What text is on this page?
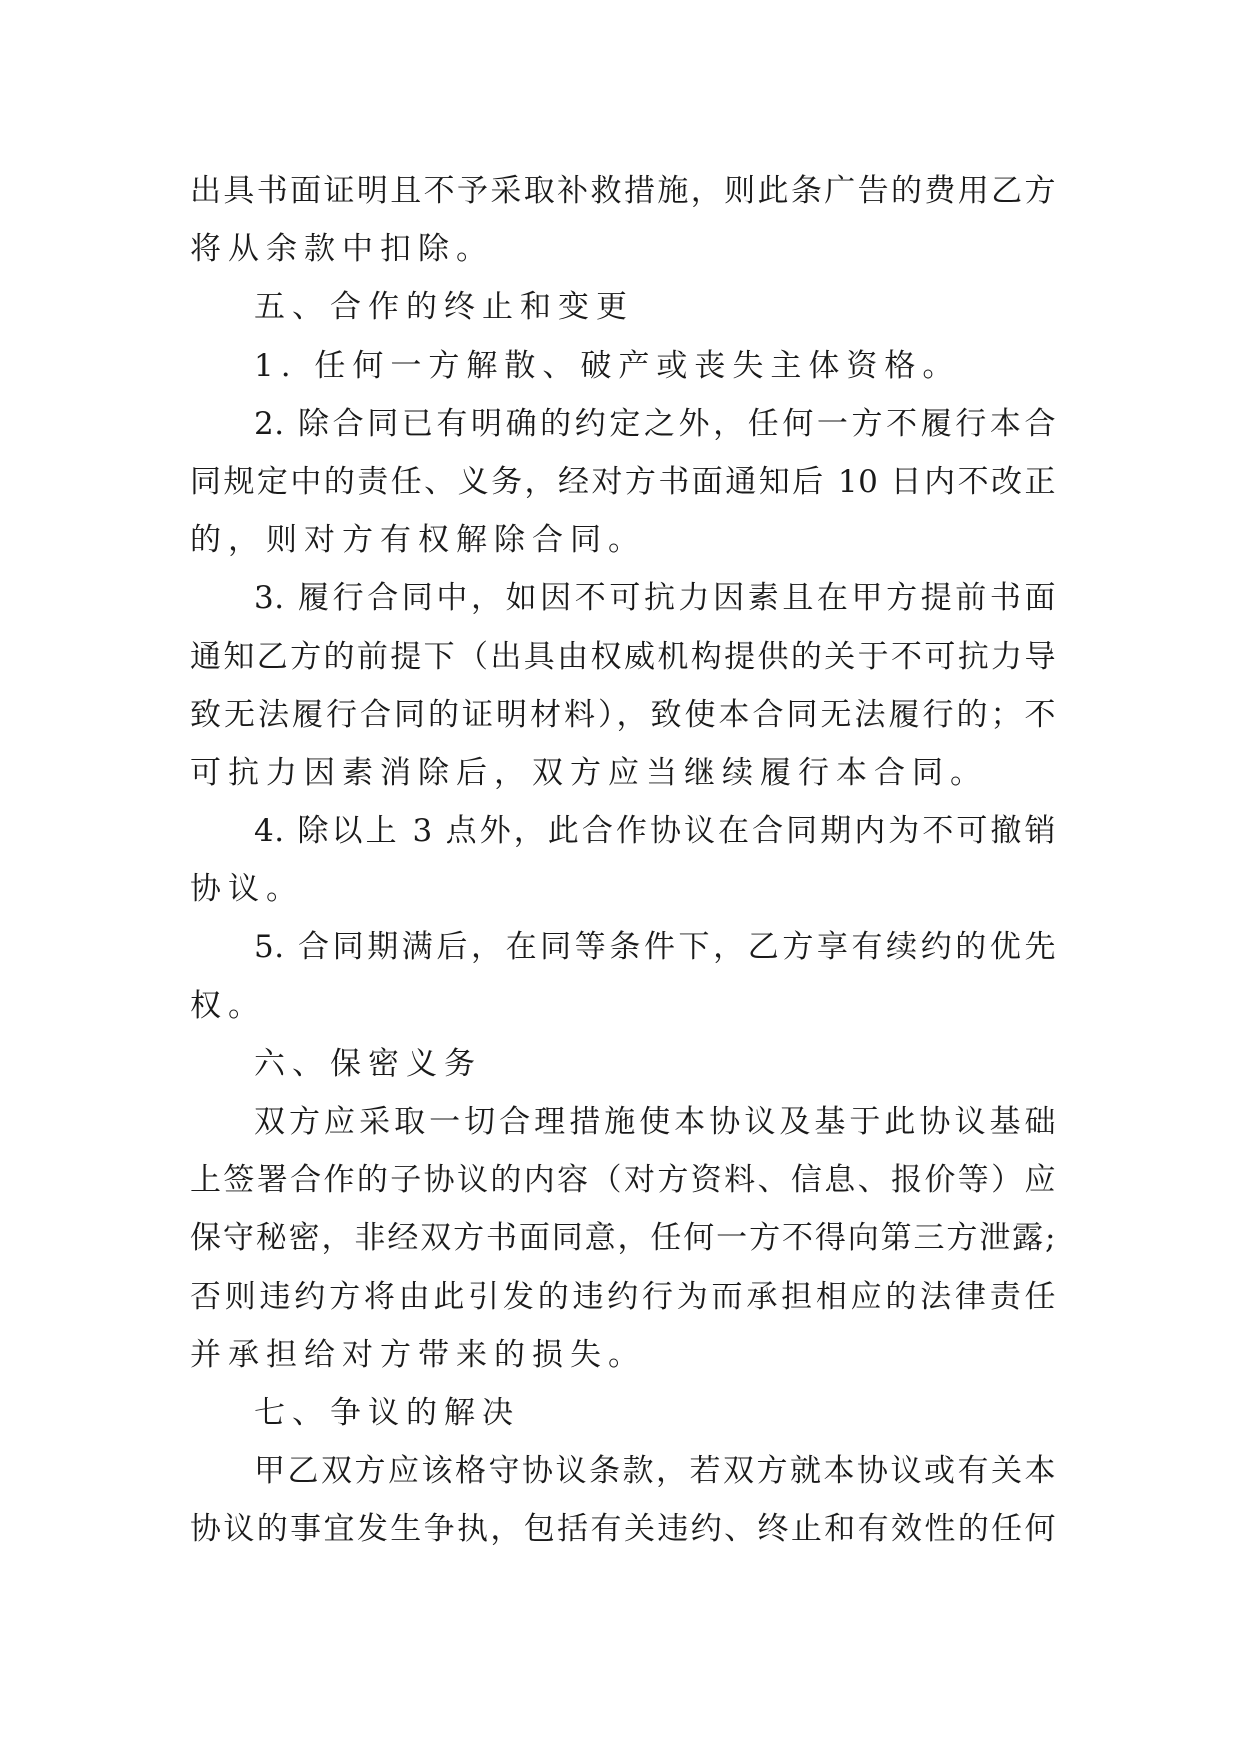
出具书面证明且不予采取补救措施，则此条广告的费用乙方
将从余款中扣除。
五、合作的终止和变更
1. 任何一方解散、破产或丧失主体资格。
2. 除合同已有明确的约定之外，任何一方不履行本合
同规定中的责任、义务，经对方书面通知后 10 日内不改正
的，则对方有权解除合同。
3. 履行合同中，如因不可抗力因素且在甲方提前书面
通知乙方的前提下（出具由权威机构提供的关于不可抗力导
致无法履行合同的证明材料），致使本合同无法履行的；不
可抗力因素消除后，双方应当继续履行本合同。
4. 除以上 3 点外，此合作协议在合同期内为不可撤销
协议。
5. 合同期满后，在同等条件下，乙方享有续约的优先
权。
六、保密义务
双方应采取一切合理措施使本协议及基于此协议基础
上签署合作的子协议的内容（对方资料、信息、报价等）应
保守秘密，非经双方书面同意，任何一方不得向第三方泄露;
否则违约方将由此引发的违约行为而承担相应的法律责任
并承担给对方带来的损失。
七、争议的解决
甲乙双方应该格守协议条款，若双方就本协议或有关本
协议的事宜发生争执，包括有关违约、终止和有效性的任何
